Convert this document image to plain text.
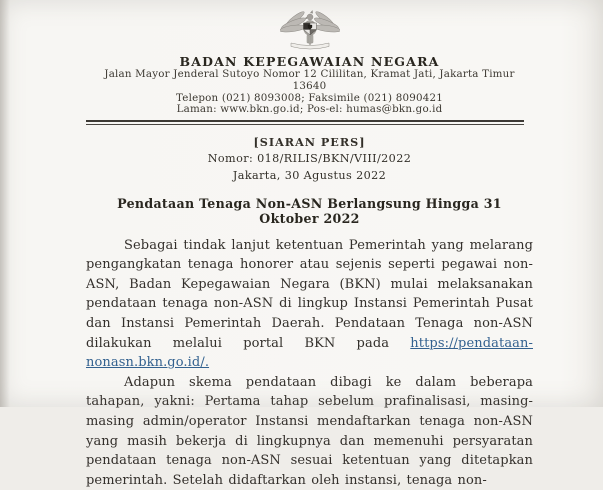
BADAN KEPEGAWAIAN NEGARA
Jalan Mayor Jenderal Sutoyo Nomor 12 Cililitan, Kramat Jati, Jakarta Timur 13640
Telepon (021) 8093008; Faksimile (021) 8090421
Laman: www.bkn.go.id; Pos-el: humas@bkn.go.id
[SIARAN PERS]
Nomor: 018/RILIS/BKN/VIII/2022
Jakarta, 30 Agustus 2022
Pendataan Tenaga Non-ASN Berlangsung Hingga 31 Oktober 2022

Sebagai tindak lanjut ketentuan Pemerintah yang melarang pengangkatan tenaga honorer atau sejenis seperti pegawai non-ASN, Badan Kepegawaian Negara (BKN) mulai melaksanakan pendataan tenaga non-ASN di lingkup Instansi Pemerintah Pusat dan Instansi Pemerintah Daerah. Pendataan Tenaga non-ASN dilakukan melalui portal BKN pada https://pendataan-nonasn.bkn.go.id/.

Adapun skema pendataan dibagi ke dalam beberapa tahapan, yakni: Pertama tahap sebelum prafinalisasi, masing-masing admin/operator Instansi mendaftarkan tenaga non-ASN yang masih bekerja di lingkupnya dan memenuhi persyaratan pendataan tenaga non-ASN sesuai ketentuan yang ditetapkan pemerintah. Setelah didaftarkan oleh instansi, tenaga non-
